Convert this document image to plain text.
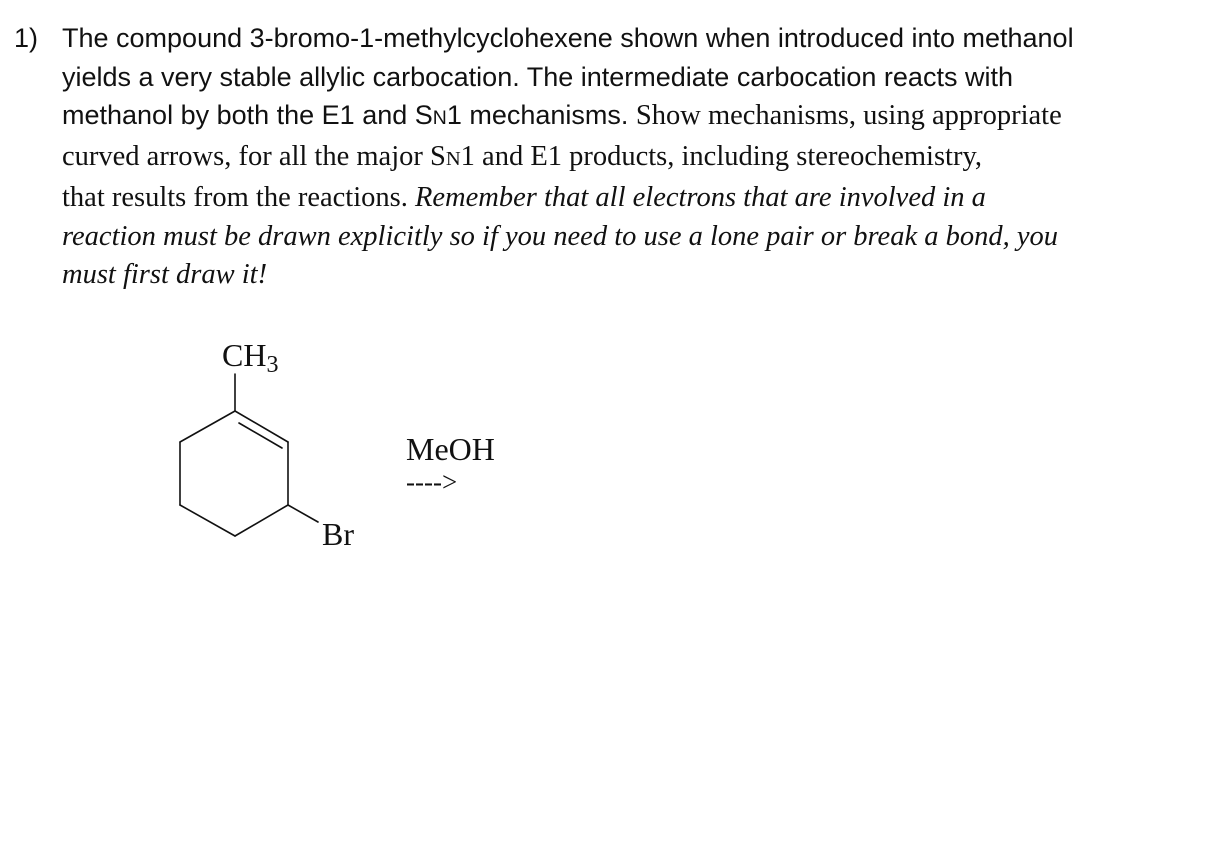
1) The compound 3-bromo-1-methylcyclohexene shown when introduced into methanol
yields a very stable allylic carbocation. The intermediate carbocation reacts with
methanol by both the E1 and SN1 mechanisms. Show mechanisms, using appropriate
curved arrows, for all the major SN1 and E1 products, including stereochemistry,
that results from the reactions. Remember that all electrons that are involved in a
reaction must be drawn explicitly so if you need to use a lone pair or break a bond, you
must first draw it!
CH3
Br
MeOH
---->
